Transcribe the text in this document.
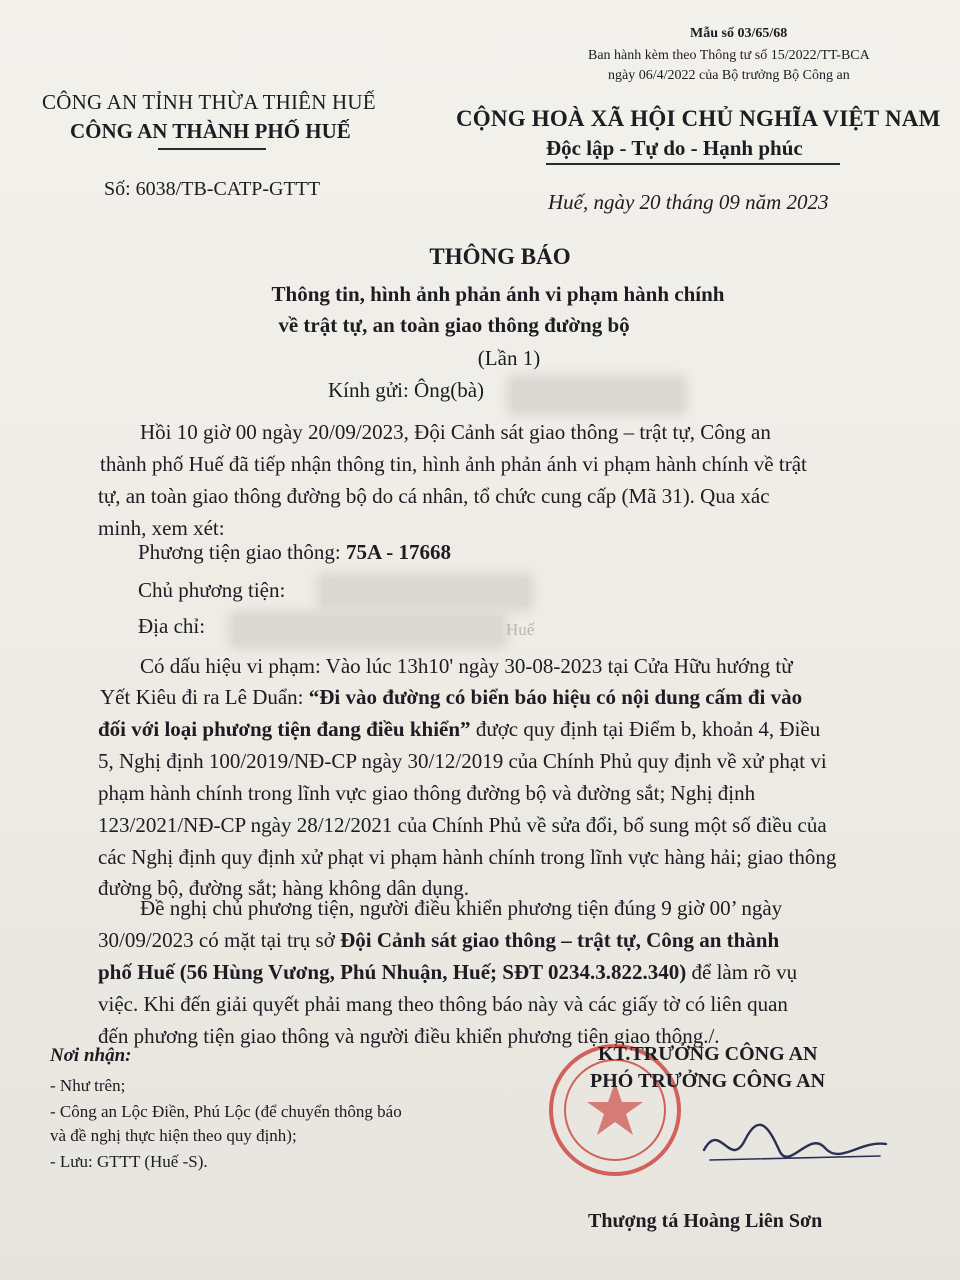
Mẫu số 03/65/68
Ban hành kèm theo Thông tư số 15/2022/TT-BCA
ngày 06/4/2022 của Bộ trưởng Bộ Công an
CÔNG AN TỈNH THỪA THIÊN HUẾ
CÔNG AN THÀNH PHỐ HUẾ	CỘNG HOÀ XÃ HỘI CHỦ NGHĨA VIỆT NAM
Độc lập - Tự do - Hạnh phúc
Số: 6038/TB-CATP-GTTT
Huế, ngày 20 tháng 09 năm 2023
THÔNG BÁO
Thông tin, hình ảnh phản ánh vi phạm hành chính
về trật tự, an toàn giao thông đường bộ
(Lần 1)
Kính gửi: Ông(bà)
Hồi 10 giờ 00 ngày 20/09/2023, Đội Cảnh sát giao thông – trật tự, Công an
thành phố Huế đã tiếp nhận thông tin, hình ảnh phản ánh vi phạm hành chính về trật
tự, an toàn giao thông đường bộ do cá nhân, tổ chức cung cấp (Mã 31). Qua xác
minh, xem xét:
Phương tiện giao thông: 75A - 17668
Chủ phương tiện:
Địa chỉ:	Huế
Có dấu hiệu vi phạm: Vào lúc 13h10' ngày 30-08-2023 tại Cửa Hữu hướng từ
Yết Kiêu đi ra Lê Duẩn: “Đi vào đường có biển báo hiệu có nội dung cấm đi vào
đối với loại phương tiện đang điều khiển” được quy định tại Điểm b, khoản 4, Điều
5, Nghị định 100/2019/NĐ-CP ngày 30/12/2019 của Chính Phủ quy định về xử phạt vi
phạm hành chính trong lĩnh vực giao thông đường bộ và đường sắt; Nghị định
123/2021/NĐ-CP ngày 28/12/2021 của Chính Phủ về sửa đổi, bổ sung một số điều của
các Nghị định quy định xử phạt vi phạm hành chính trong lĩnh vực hàng hải; giao thông
đường bộ, đường sắt; hàng không dân dụng.
Đề nghị chủ phương tiện, người điều khiển phương tiện đúng 9 giờ 00’ ngày
30/09/2023 có mặt tại trụ sở Đội Cảnh sát giao thông – trật tự, Công an thành
phố Huế (56 Hùng Vương, Phú Nhuận, Huế; SĐT 0234.3.822.340) để làm rõ vụ
việc. Khi đến giải quyết phải mang theo thông báo này và các giấy tờ có liên quan
đến phương tiện giao thông và người điều khiển phương tiện giao thông./.
Nơi nhận:
- Như trên;
- Công an Lộc Điền, Phú Lộc (để chuyển thông báo
và đề nghị thực hiện theo quy định);
- Lưu: GTTT (Huế -S).
KT.TRƯỞNG CÔNG AN
PHÓ TRƯỞNG CÔNG AN
Thượng tá Hoàng Liên Sơn
